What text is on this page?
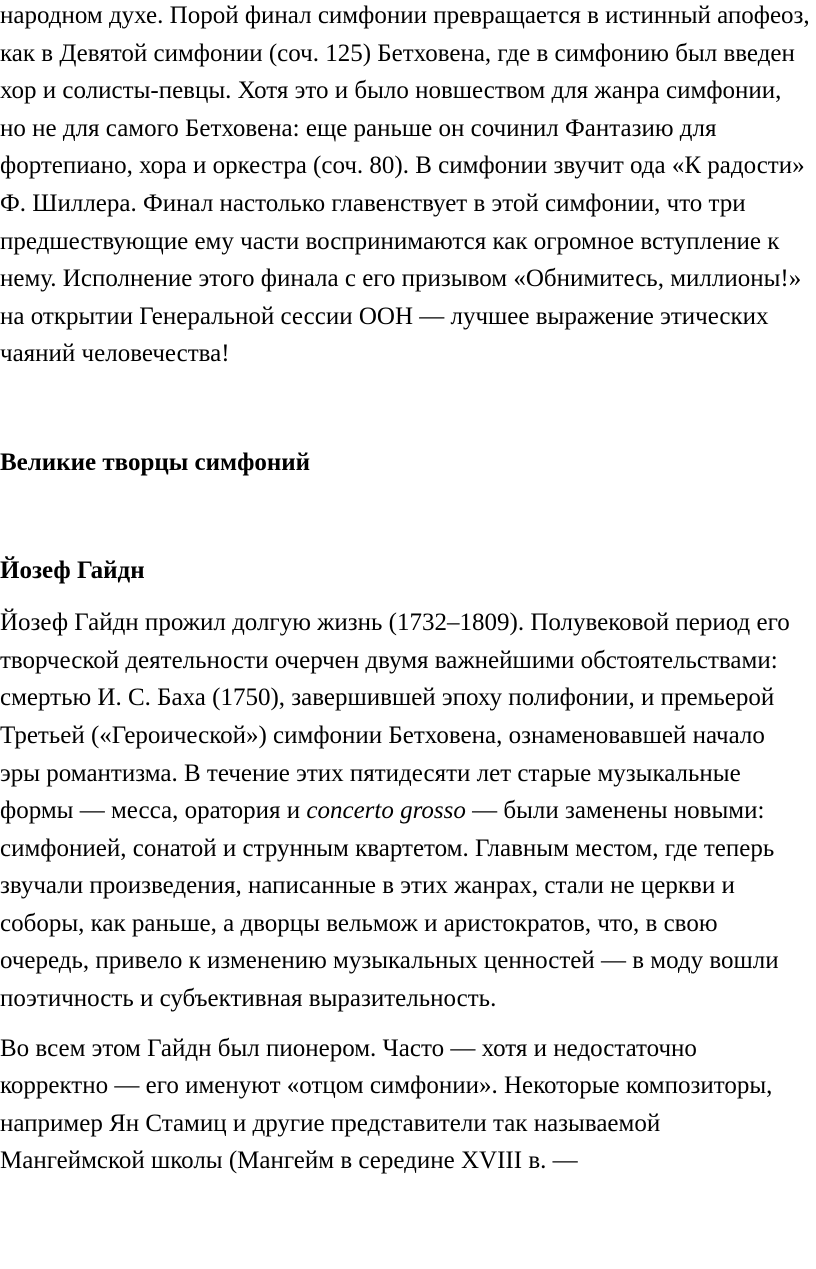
народном духе. Порой финал симфонии превращается в истинный апофеоз, как в Девятой симфонии (соч. 125) Бетховена, где в симфонию был введен хор и солисты-певцы. Хотя это и было новшеством для жанра симфонии, но не для самого Бетховена: еще раньше он сочинил Фантазию для фортепиано, хора и оркестра (соч. 80). В симфонии звучит ода «К радости» Ф. Шиллера. Финал настолько главенствует в этой симфонии, что три предшествующие ему части воспринимаются как огромное вступление к нему. Исполнение этого финала с его призывом «Обнимитесь, миллионы!» на открытии Генеральной сессии ООН — лучшее выражение этических чаяний человечества!

Великие творцы симфоний
Йозеф Гайдн

Йозеф Гайдн прожил долгую жизнь (1732–1809). Полувековой период его творческой деятельности очерчен двумя важнейшими обстоятельствами: смертью И. С. Баха (1750), завершившей эпоху полифонии, и премьерой Третьей («Героической») симфонии Бетховена, ознаменовавшей начало эры романтизма. В течение этих пятидесяти лет старые музыкальные формы — месса, оратория и concerto grosso — были заменены новыми: симфонией, сонатой и струнным квартетом. Главным местом, где теперь звучали произведения, написанные в этих жанрах, стали не церкви и соборы, как раньше, а дворцы вельмож и аристократов, что, в свою очередь, привело к изменению музыкальных ценностей — в моду вошли поэтичность и субъективная выразительность.

Во всем этом Гайдн был пионером. Часто — хотя и недостаточно корректно — его именуют «отцом симфонии». Некоторые композиторы, например Ян Стамиц и другие представители так называемой Мангеймской школы (Мангейм в середине XVIII в. —
